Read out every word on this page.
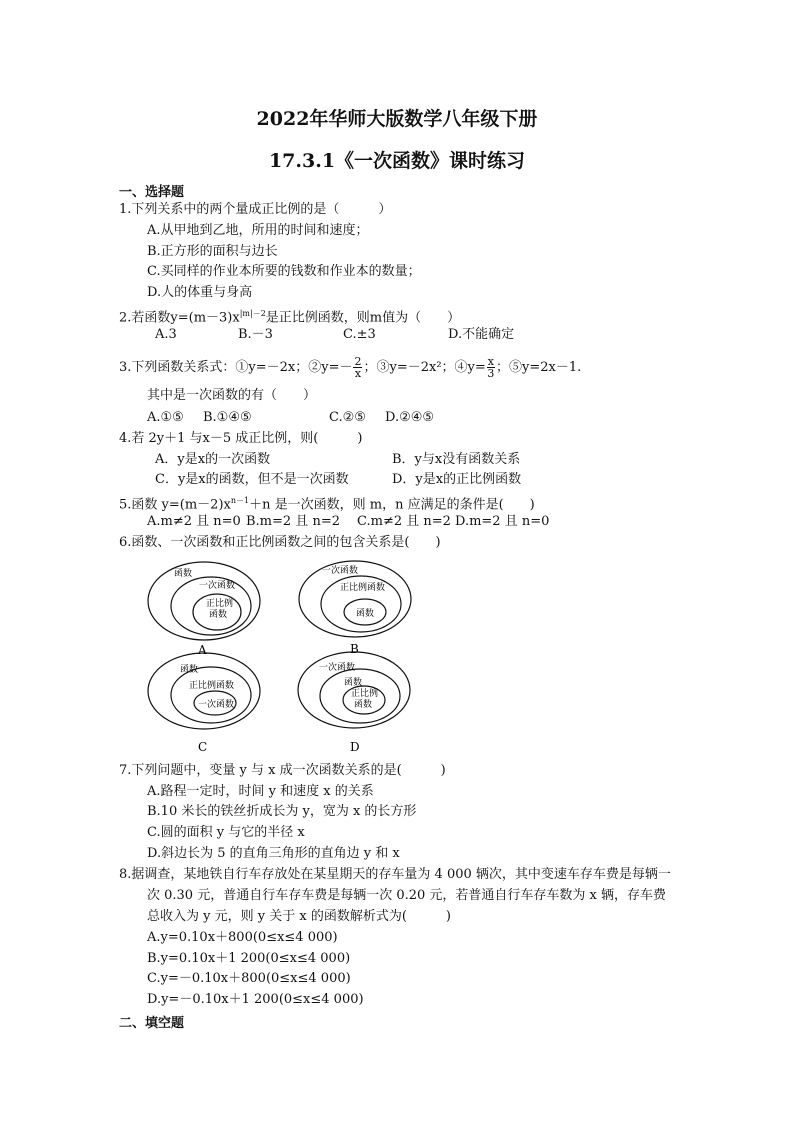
2022年华师大版数学八年级下册
17.3.1《一次函数》课时练习
一、选择题
1.下列关系中的两个量成正比例的是（　　　）
A.从甲地到乙地，所用的时间和速度；
B.正方形的面积与边长
C.买同样的作业本所要的钱数和作业本的数量；
D.人的体重与身高
2.若函数$y=(m-3)x^{|m|-2}$是正比例函数，则m值为（　　）
A.3	B.－3	C.±3	D.不能确定
3.下列函数关系式：①y=－2x；②y=－ $\frac{2}{x}$ ；③y=－2x²；④y= $\frac{x}{3}$ ；⑤y=2x－1.
其中是一次函数的有（　　）
A.①⑤ B.①④⑤	C.②⑤ D.②④⑤
4.若 2y＋1 与x－5 成正比例，则(　　　)
A．y是x的一次函数	B．y与x没有函数关系
C．y是x的函数，但不是一次函数	D．y是x的正比例函数
5.函数 $y=(m-2)x^{n-1}+n$ 是一次函数，则 m，n 应满足的条件是(　　)
A.m≠2 且 n=0 B.m=2 且 n=2 C.m≠2 且 n=2 D.m=2 且 n=0
6.函数、一次函数和正比例函数之间的包含关系是(　　)
函数
一次函数
正比例
函数
A
一次函数
正比例函数
函数
B
函数
正比例函数
一次函数
C
一次函数
函数
正比例
函数
D
7.下列问题中，变量 y 与 x 成一次函数关系的是(　　　)
A.路程一定时，时间 y 和速度 x 的关系
B.10 米长的铁丝折成长为 y，宽为 x 的长方形
C.圆的面积 y 与它的半径 x
D.斜边长为 5 的直角三角形的直角边 y 和 x
8.据调查，某地铁自行车存放处在某星期天的存车量为 4 000 辆次，其中变速车存车费是每辆一
次 0.30 元，普通自行车存车费是每辆一次 0.20 元，若普通自行车存车数为 x 辆，存车费
总收入为 y 元，则 y 关于 x 的函数解析式为(　　　)
A.y=0.10x＋800(0≤x≤4 000)
B.y=0.10x＋1 200(0≤x≤4 000)
C.y=－0.10x＋800(0≤x≤4 000)
D.y=－0.10x＋1 200(0≤x≤4 000)
二、填空题
